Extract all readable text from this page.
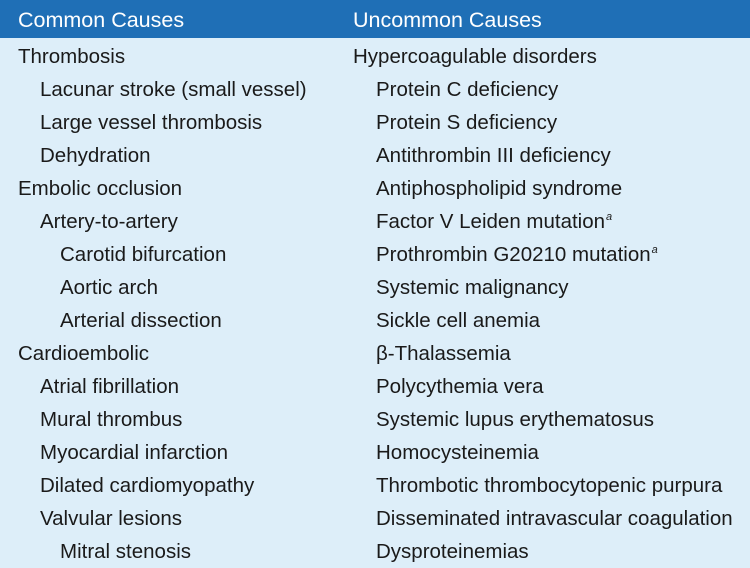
Common Causes	Uncommon Causes
Thrombosis
Lacunar stroke (small vessel)
Large vessel thrombosis
Dehydration
Embolic occlusion
Artery-to-artery
Carotid bifurcation
Aortic arch
Arterial dissection
Cardioembolic
Atrial fibrillation
Mural thrombus
Myocardial infarction
Dilated cardiomyopathy
Valvular lesions
Mitral stenosis
Hypercoagulable disorders
Protein C deficiency
Protein S deficiency
Antithrombin III deficiency
Antiphospholipid syndrome
Factor V Leiden mutation$^a$
Prothrombin G20210 mutation$^a$
Systemic malignancy
Sickle cell anemia
β-Thalassemia
Polycythemia vera
Systemic lupus erythematosus
Homocysteinemia
Thrombotic thrombocytopenic purpura
Disseminated intravascular coagulation
Dysproteinemias
